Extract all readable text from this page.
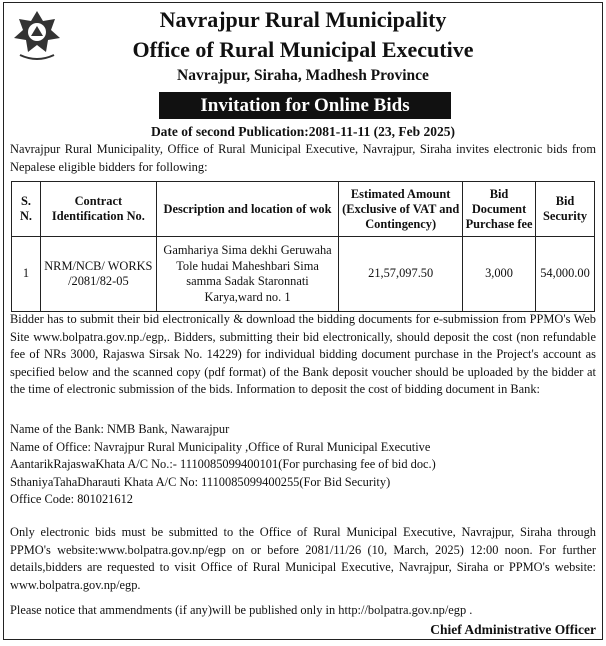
Navrajpur Rural Municipality
Office of Rural Municipal Executive
Navrajpur, Siraha, Madhesh Province
Invitation for Online Bids
Date of second Publication:2081-11-11 (23, Feb 2025)
Navrajpur Rural Municipality, Office of Rural Municipal Executive, Navrajpur, Siraha invites electronic bids from Nepalese eligible bidders for following:
S. N.	Contract Identification No.	Description and location of wok	Estimated Amount (Exclusive of VAT and Contingency)	Bid Document Purchase fee	Bid Security
1	NRM/NCB/ WORKS /2081/82-05	Gamhariya Sima dekhi Geruwaha Tole hudai Maheshbari Sima samma Sadak Staronnati Karya,ward no. 1	21,57,097.50	3,000	54,000.00
Bidder has to submit their bid electronically & download the bidding documents for e-submission from PPMO's Web Site www.bolpatra.gov.np./egp,. Bidders, submitting their bid electronically, should deposit the cost (non refundable fee of NRs 3000, Rajaswa Sirsak No. 14229) for individual bidding document purchase in the Project's account as specified below and the scanned copy (pdf format) of the Bank deposit voucher should be uploaded by the bidder at the time of electronic submission of the bids. Information to deposit the cost of bidding document in Bank:
Name of the Bank: NMB Bank, Nawarajpur
Name of Office: Navrajpur Rural Municipality ,Office of Rural Municipal Executive
AantarikRajaswaKhata A/C No.:- 1110085099400101(For purchasing fee of bid doc.)
SthaniyaTahaDharauti Khata A/C No: 1110085099400255(For Bid Security)
Office Code: 801021612
Only electronic bids must be submitted to the Office of Rural Municipal Executive, Navrajpur, Siraha through PPMO's website:www.bolpatra.gov.np/egp on or before 2081/11/26 (10, March, 2025) 12:00 noon. For further details,bidders are requested to visit Office of Rural Municipal Executive, Navrajpur, Siraha or PPMO's website: www.bolpatra.gov.np/egp.
Please notice that ammendments (if any)will be published only in http://bolpatra.gov.np/egp .
Chief Administrative Officer
